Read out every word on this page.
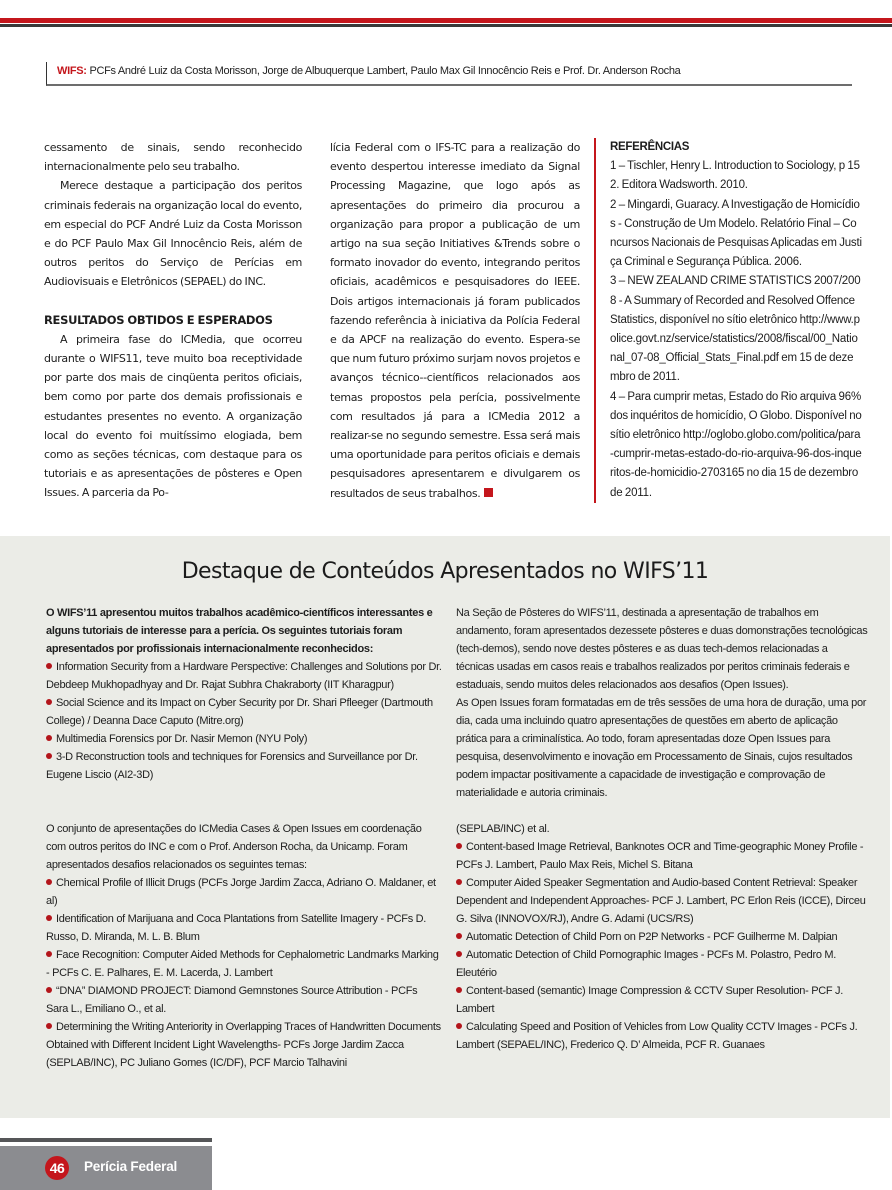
WIFS: PCFs André Luiz da Costa Morisson, Jorge de Albuquerque Lambert, Paulo Max Gil Innocêncio Reis e Prof. Dr. Anderson Rocha

cessamento de sinais, sendo reconhecido internacionalmente pelo seu trabalho.

Merece destaque a participação dos peritos criminais federais na organização local do evento, em especial do PCF André Luiz da Costa Morisson e do PCF Paulo Max Gil Innocêncio Reis, além de outros peritos do Serviço de Perícias em Audiovisuais e Eletrônicos (SEPAEL) do INC.

RESULTADOS OBTIDOS E ESPERADOS

A primeira fase do ICMedia, que ocorreu durante o WIFS11, teve muito boa receptividade por parte dos mais de cinqüenta peritos oficiais, bem como por parte dos demais profissionais e estudantes presentes no evento. A organização local do evento foi muitíssimo elogiada, bem como as seções técnicas, com destaque para os tutoriais e as apresentações de pôsteres e Open Issues. A parceria da Po-

lícia Federal com o IFS-TC para a realização do evento despertou interesse imediato da Signal Processing Magazine, que logo após as apresentações do primeiro dia procurou a organização para propor a publicação de um artigo na sua seção Initiatives &Trends sobre o formato inovador do evento, integrando peritos oficiais, acadêmicos e pesquisadores do IEEE. Dois artigos internacionais já foram publicados fazendo referência à iniciativa da Polícia Federal e da APCF na realização do evento. Espera-se que num futuro próximo surjam novos projetos e avanços técnico--científicos relacionados aos temas propostos pela perícia, possivelmente com resultados já para a ICMedia 2012 a realizar-se no segundo semestre. Essa será mais uma oportunidade para peritos oficiais e demais pesquisadores apresentarem e divulgarem os resultados de seus trabalhos.

REFERÊNCIAS

1 – Tischler, Henry L. Introduction to Sociology, p 152. Editora Wadsworth. 2010.

2 – Mingardi, Guaracy. A Investigação de Homicídios - Construção de Um Modelo. Relatório Final – Concursos Nacionais de Pesquisas Aplicadas em Justiça Criminal e Segurança Pública. 2006.

3 – NEW ZEALAND CRIME STATISTICS 2007/2008 - A Summary of Recorded and Resolved Offence Statistics, disponível no sítio eletrônico http://www.police.govt.nz/service/statistics/2008/fiscal/00_National_07-08_Official_Stats_Final.pdf em 15 de dezembro de 2011.

4 – Para cumprir metas, Estado do Rio arquiva 96% dos inquéritos de homicídio, O Globo. Disponível no sítio eletrônico http://oglobo.globo.com/politica/para-cumprir-metas-estado-do-rio-arquiva-96-dos-inqueritos-de-homicidio-2703165 no dia 15 de dezembro de 2011.

Destaque de Conteúdos Apresentados no WIFS’11

O WIFS’11 apresentou muitos trabalhos acadêmico-científicos interessantes e alguns tutoriais de interesse para a perícia. Os seguintes tutoriais foram apresentados por profissionais internacionalmente reconhecidos:

Information Security from a Hardware Perspective: Challenges and Solutions por Dr. Debdeep Mukhopadhyay and Dr. Rajat Subhra Chakraborty (IIT Kharagpur)

Social Science and its Impact on Cyber Security por Dr. Shari Pfleeger (Dartmouth College) / Deanna Dace Caputo (Mitre.org)

Multimedia Forensics por Dr. Nasir Memon (NYU Poly)

3-D Reconstruction tools and techniques for Forensics and Surveillance por Dr. Eugene Liscio (AI2-3D)

Na Seção de Pôsteres do WIFS’11, destinada a apresentação de trabalhos em andamento, foram apresentados dezessete pôsteres e duas domonstrações tecnológicas (tech-demos), sendo nove destes pôsteres e as duas tech-demos relacionadas a técnicas usadas em casos reais e trabalhos realizados por peritos criminais federais e estaduais, sendo muitos deles relacionados aos desafios (Open Issues).

As Open Issues foram formatadas em de três sessões de uma hora de duração, uma por dia, cada uma incluindo quatro apresentações de questões em aberto de aplicação prática para a criminalística. Ao todo, foram apresentadas doze Open Issues para pesquisa, desenvolvimento e inovação em Processamento de Sinais, cujos resultados podem impactar positivamente a capacidade de investigação e comprovação de materialidade e autoria criminais.

O conjunto de apresentações do ICMedia Cases & Open Issues em coordenação com outros peritos do INC e com o Prof. Anderson Rocha, da Unicamp. Foram apresentados desafios relacionados os seguintes temas:

Chemical Profile of Illicit Drugs (PCFs Jorge Jardim Zacca, Adriano O. Maldaner, et al)

Identification of Marijuana and Coca Plantations from Satellite Imagery - PCFs D. Russo, D. Miranda, M. L. B. Blum

Face Recognition: Computer Aided Methods for Cephalometric Landmarks Marking - PCFs C. E. Palhares, E. M. Lacerda, J. Lambert

“DNA” DIAMOND PROJECT: Diamond Gemnstones Source Attribution - PCFs Sara L., Emiliano O., et al.

Determining the Writing Anteriority in Overlapping Traces of Handwritten Documents Obtained with Different Incident Light Wavelengths- PCFs Jorge Jardim Zacca (SEPLAB/INC), PC Juliano Gomes (IC/DF), PCF Marcio Talhavini

(SEPLAB/INC) et al.

Content-based Image Retrieval, Banknotes OCR and Time-geographic Money Profile - PCFs J. Lambert, Paulo Max Reis, Michel S. Bitana

Computer Aided Speaker Segmentation and Audio-based Content Retrieval: Speaker Dependent and Independent Approaches- PCF J. Lambert, PC Erlon Reis (ICCE), Dirceu G. Silva (INNOVOX/RJ), Andre G. Adami (UCS/RS)

Automatic Detection of Child Porn on P2P Networks - PCF Guilherme M. Dalpian

Automatic Detection of Child Pornographic Images - PCFs M. Polastro, Pedro M. Eleutério

Content-based (semantic) Image Compression & CCTV Super Resolution- PCF J. Lambert

Calculating Speed and Position of Vehicles from Low Quality CCTV Images - PCFs J. Lambert (SEPAEL/INC), Frederico Q. D’ Almeida, PCF R. Guanaes

46	Perícia Federal
